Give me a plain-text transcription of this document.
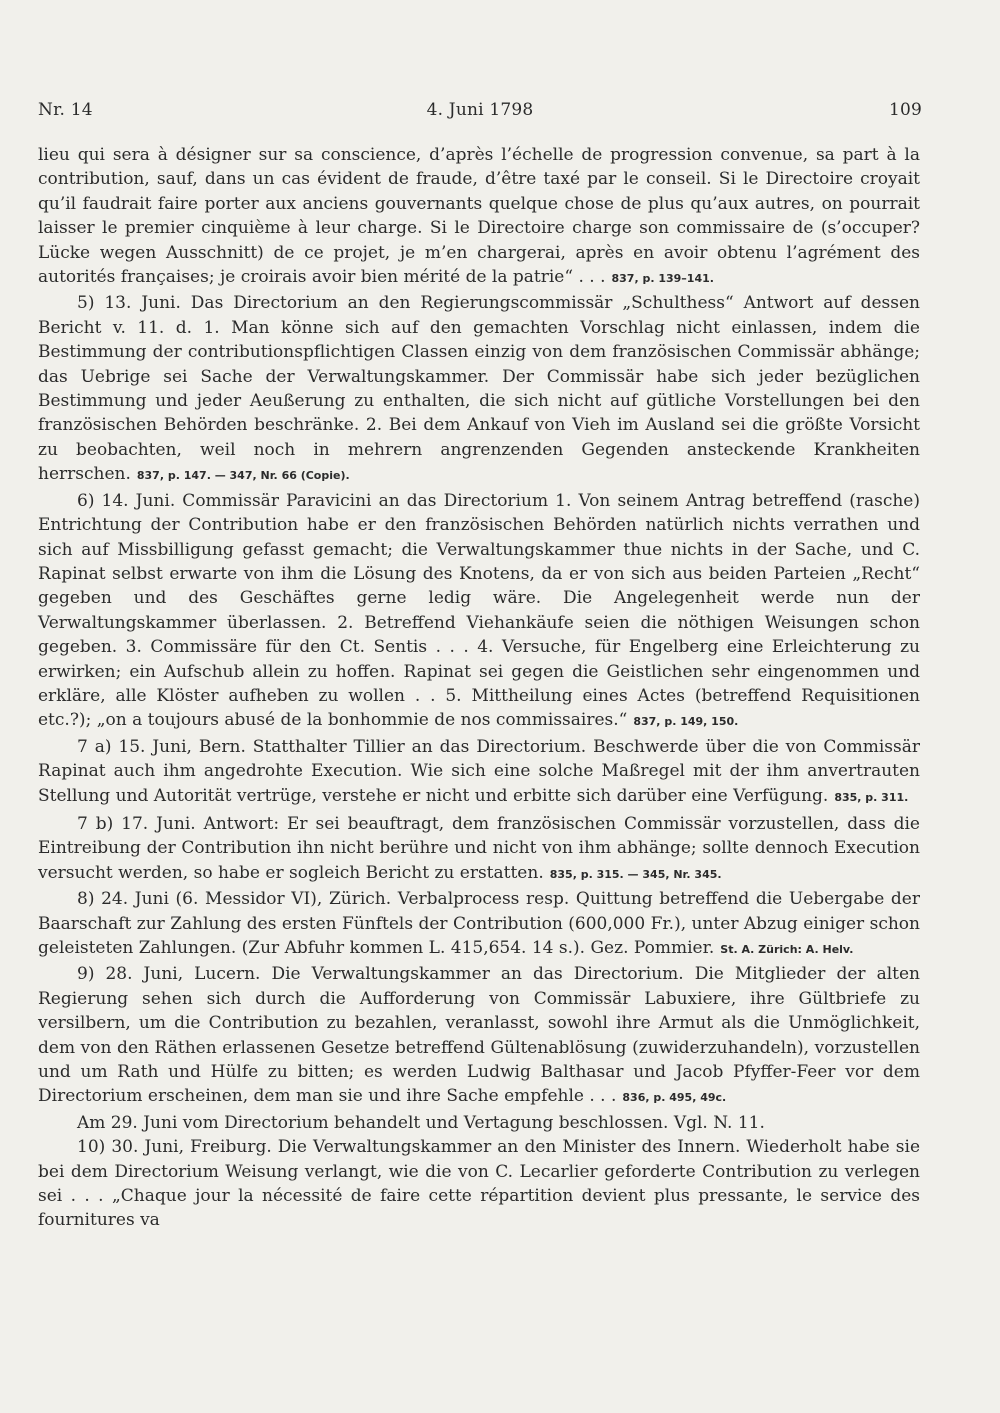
Nr. 14	4. Juni 1798	109

lieu qui sera à désigner sur sa conscience, d’après l’échelle de progression convenue, sa part à la contribution, sauf, dans un cas évident de fraude, d’être taxé par le conseil. Si le Directoire croyait qu’il faudrait faire porter aux anciens gouvernants quelque chose de plus qu’aux autres, on pourrait laisser le premier cinquième à leur charge. Si le Directoire charge son commissaire de (s’occuper? Lücke wegen Ausschnitt) de ce projet, je m’en chargerai, après en avoir obtenu l’agrément des autorités françaises; je croirais avoir bien mérité de la patrie“ . . . 837, p. 139–141.

5) 13. Juni. Das Directorium an den Regierungscommissär „Schulthess“ Antwort auf dessen Bericht v. 11. d. 1. Man könne sich auf den gemachten Vorschlag nicht einlassen, indem die Bestimmung der contributionspflichtigen Classen einzig von dem französischen Commissär abhänge; das Uebrige sei Sache der Verwaltungskammer. Der Commissär habe sich jeder bezüglichen Bestimmung und jeder Aeußerung zu enthalten, die sich nicht auf gütliche Vorstellungen bei den französischen Behörden beschränke. 2. Bei dem Ankauf von Vieh im Ausland sei die größte Vorsicht zu beobachten, weil noch in mehrern angrenzenden Gegenden ansteckende Krankheiten herrschen. 837, p. 147. — 347, Nr. 66 (Copie).

6) 14. Juni. Commissär Paravicini an das Directorium 1. Von seinem Antrag betreffend (rasche) Entrichtung der Contribution habe er den französischen Behörden natürlich nichts verrathen und sich auf Missbilligung gefasst gemacht; die Verwaltungskammer thue nichts in der Sache, und C. Rapinat selbst erwarte von ihm die Lösung des Knotens, da er von sich aus beiden Parteien „Recht“ gegeben und des Geschäftes gerne ledig wäre. Die Angelegenheit werde nun der Verwaltungskammer überlassen. 2. Betreffend Viehankäufe seien die nöthigen Weisungen schon gegeben. 3. Commissäre für den Ct. Sentis . . . 4. Versuche, für Engelberg eine Erleichterung zu erwirken; ein Aufschub allein zu hoffen. Rapinat sei gegen die Geistlichen sehr eingenommen und erkläre, alle Klöster aufheben zu wollen . . 5. Mittheilung eines Actes (betreffend Requisitionen etc.?); „on a toujours abusé de la bonhommie de nos commissaires.“ 837, p. 149, 150.

7 a) 15. Juni, Bern. Statthalter Tillier an das Directorium. Beschwerde über die von Commissär Rapinat auch ihm angedrohte Execution. Wie sich eine solche Maßregel mit der ihm anvertrauten Stellung und Autorität vertrüge, verstehe er nicht und erbitte sich darüber eine Verfügung. 835, p. 311.

7 b) 17. Juni. Antwort: Er sei beauftragt, dem französischen Commissär vorzustellen, dass die Eintreibung der Contribution ihn nicht berühre und nicht von ihm abhänge; sollte dennoch Execution versucht werden, so habe er sogleich Bericht zu erstatten. 835, p. 315. — 345, Nr. 345.

8) 24. Juni (6. Messidor VI), Zürich. Verbalprocess resp. Quittung betreffend die Uebergabe der Baarschaft zur Zahlung des ersten Fünftels der Contribution (600,000 Fr.), unter Abzug einiger schon geleisteten Zahlungen. (Zur Abfuhr kommen L. 415,654. 14 s.). Gez. Pommier. St. A. Zürich: A. Helv.

9) 28. Juni, Lucern. Die Verwaltungskammer an das Directorium. Die Mitglieder der alten Regierung sehen sich durch die Aufforderung von Commissär Labuxiere, ihre Gültbriefe zu versilbern, um die Contribution zu bezahlen, veranlasst, sowohl ihre Armut als die Unmöglichkeit, dem von den Räthen erlassenen Gesetze betreffend Gültenablösung (zuwiderzuhandeln), vorzustellen und um Rath und Hülfe zu bitten; es werden Ludwig Balthasar und Jacob Pfyffer-Feer vor dem Directorium erscheinen, dem man sie und ihre Sache empfehle . . . 836, p. 495, 49c.

Am 29. Juni vom Directorium behandelt und Vertagung beschlossen. Vgl. N. 11.

10) 30. Juni, Freiburg. Die Verwaltungskammer an den Minister des Innern. Wiederholt habe sie bei dem Directorium Weisung verlangt, wie die von C. Lecarlier geforderte Contribution zu verlegen sei . . . „Chaque jour la nécessité de faire cette répartition devient plus pressante, le service des fournitures va
